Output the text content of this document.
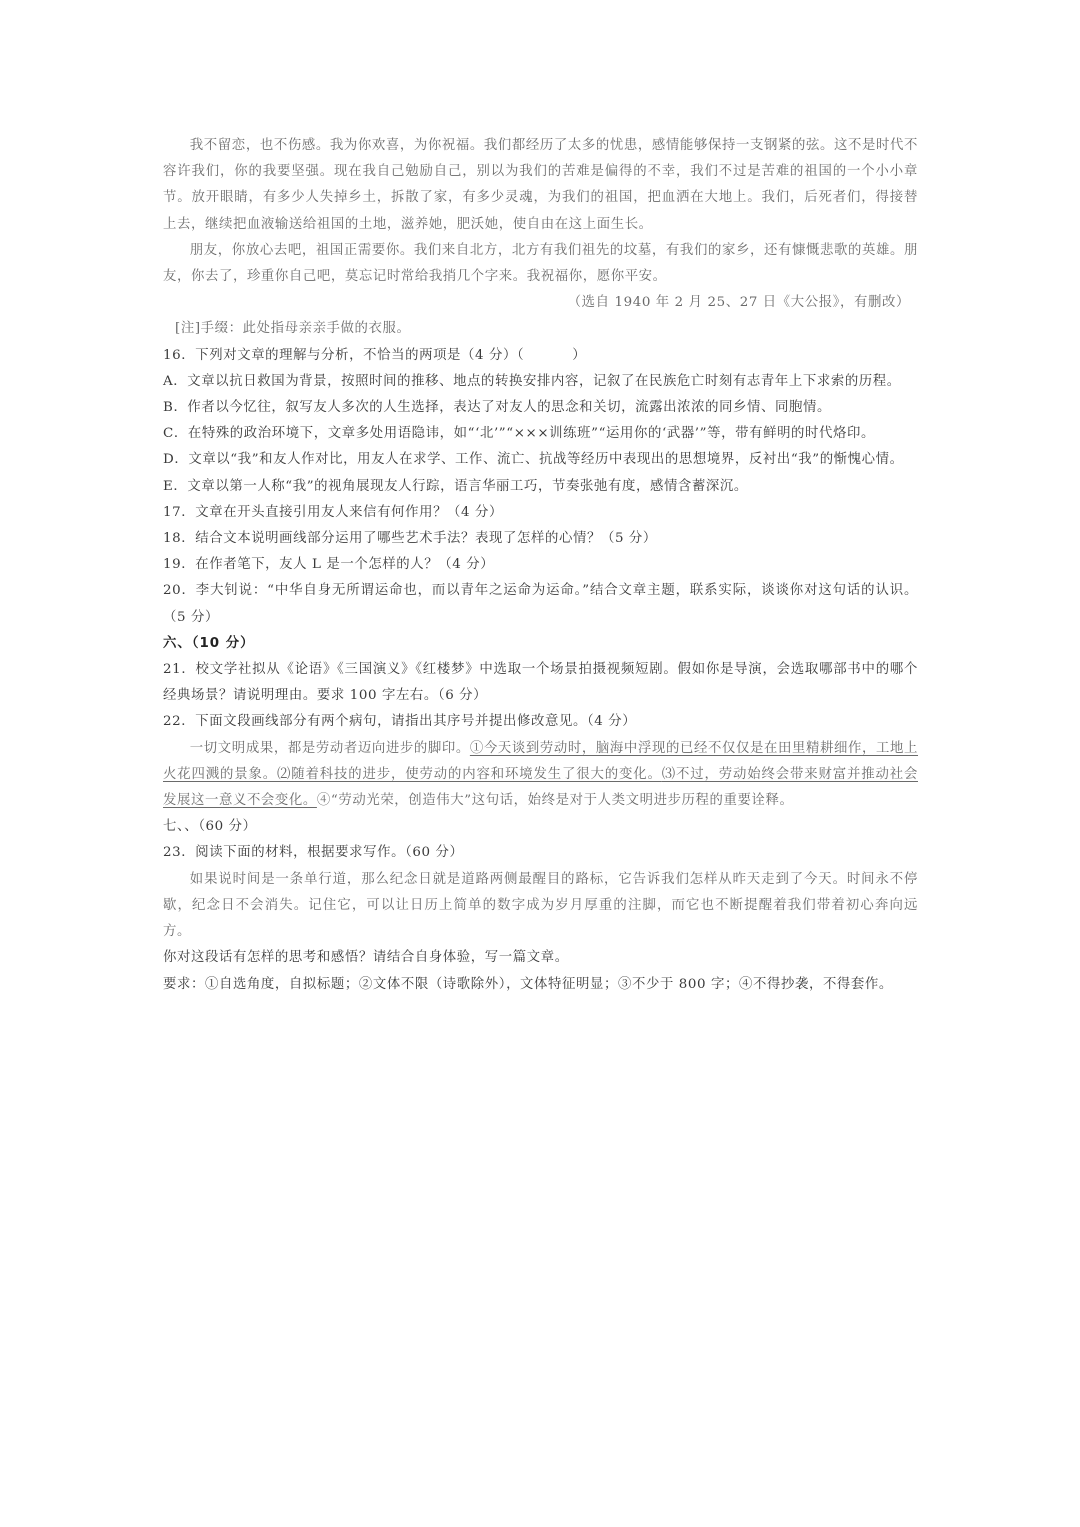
我不留恋，也不伤感。我为你欢喜，为你祝福。我们都经历了太多的忧患，感情能够保持一支钢紧的弦。这不是时代不容许我们，你的我要坚强。现在我自己勉励自己，别以为我们的苦难是偏得的不幸，我们不过是苦难的祖国的一个小小章节。放开眼睛，有多少人失掉乡土，拆散了家，有多少灵魂，为我们的祖国，把血洒在大地上。我们，后死者们，得接替上去，继续把血液输送给祖国的土地，滋养她，肥沃她，使自由在这上面生长。

朋友，你放心去吧，祖国正需要你。我们来自北方，北方有我们祖先的坟墓，有我们的家乡，还有慷慨悲歌的英雄。朋友，你去了，珍重你自己吧，莫忘记时常给我捎几个字来。我祝福你，愿你平安。

（选自 1940 年 2 月 25、27 日《大公报》，有删改）

[注]手缀：此处指母亲亲手做的衣服。

16．下列对文章的理解与分析，不恰当的两项是（4 分）（	）

A．文章以抗日救国为背景，按照时间的推移、地点的转换安排内容，记叙了在民族危亡时刻有志青年上下求索的历程。

B．作者以今忆往，叙写友人多次的人生选择，表达了对友人的思念和关切，流露出浓浓的同乡情、同胞情。

C．在特殊的政治环境下，文章多处用语隐讳，如“‘北’”“×××训练班”“运用你的‘武器’”等，带有鲜明的时代烙印。

D．文章以“我”和友人作对比，用友人在求学、工作、流亡、抗战等经历中表现出的思想境界，反衬出“我”的惭愧心情。

E．文章以第一人称“我”的视角展现友人行踪，语言华丽工巧，节奏张弛有度，感情含蓄深沉。

17．文章在开头直接引用友人来信有何作用？（4 分）

18．结合文本说明画线部分运用了哪些艺术手法？表现了怎样的心情？（5 分）

19．在作者笔下，友人 L 是一个怎样的人？（4 分）

20．李大钊说：“中华自身无所谓运命也，而以青年之运命为运命。”结合文章主题，联系实际，谈谈你对这句话的认识。（5 分）

六、（10 分）

21．校文学社拟从《论语》《三国演义》《红楼梦》中选取一个场景拍摄视频短剧。假如你是导演，会选取哪部书中的哪个经典场景？请说明理由。要求 100 字左右。（6 分）

22．下面文段画线部分有两个病句，请指出其序号并提出修改意见。（4 分）

一切文明成果，都是劳动者迈向进步的脚印。①今天谈到劳动时，脑海中浮现的已经不仅仅是在田里精耕细作，工地上火花四溅的景象。⑵随着科技的进步，使劳动的内容和环境发生了很大的变化。⑶不过，劳动始终会带来财富并推动社会发展这一意义不会变化。④“劳动光荣，创造伟大”这句话，始终是对于人类文明进步历程的重要诠释。

七、、（60 分）

23．阅读下面的材料，根据要求写作。（60 分）

如果说时间是一条单行道，那么纪念日就是道路两侧最醒目的路标，它告诉我们怎样从昨天走到了今天。时间永不停歇，纪念日不会消失。记住它，可以让日历上简单的数字成为岁月厚重的注脚，而它也不断提醒着我们带着初心奔向远方。

你对这段话有怎样的思考和感悟？请结合自身体验，写一篇文章。

要求：①自选角度，自拟标题；②文体不限（诗歌除外），文体特征明显；③不少于 800 字；④不得抄袭，不得套作。
